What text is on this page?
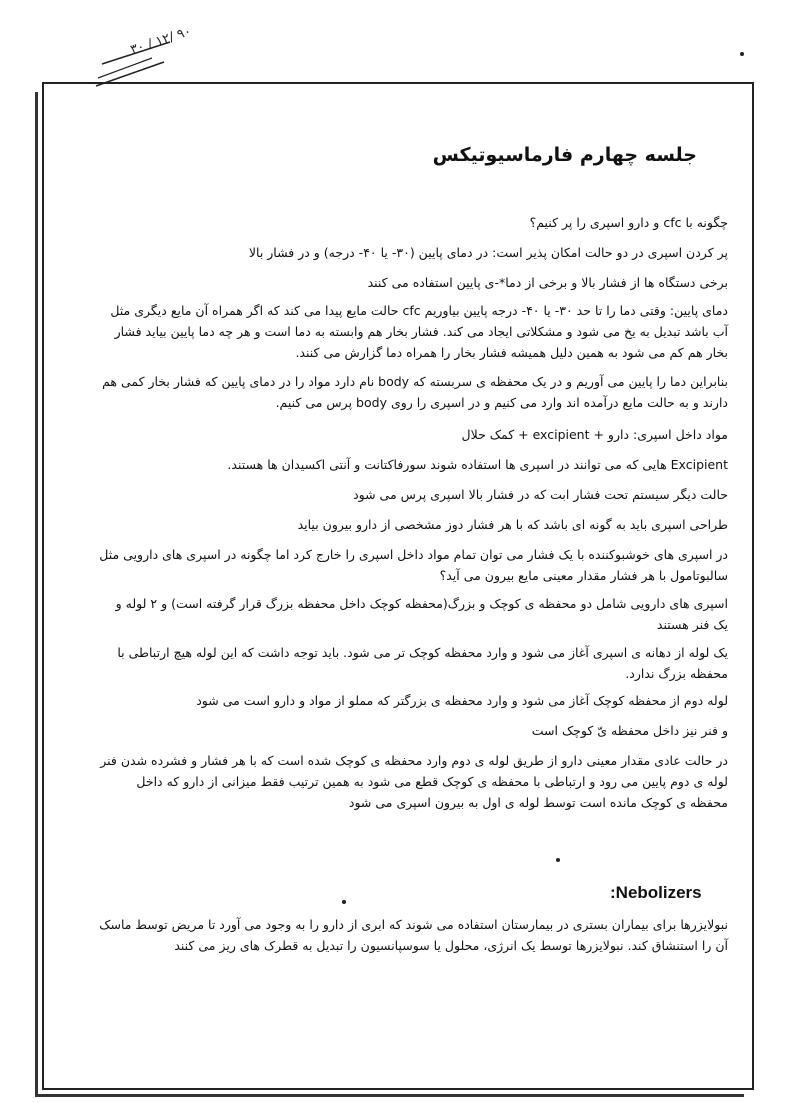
۳۰ / ۱۲/ ۹۰
جلسه چهارم فارماسیوتیکس

چگونه با cfc و دارو اسپری را پر کنیم؟

پر کردن اسپری در دو حالت امکان پذیر است: در دمای پایین (۳۰- یا ۴۰- درجه) و در فشار بالا

برخی دستگاه ها از فشار بالا و برخی از دما*-ی پایین استفاده می کنند

دمای پایین: وقتی دما را تا حد ۳۰- یا ۴۰- درجه پایین بیاوریم cfc حالت مایع پیدا می کند که اگر همراه آن مایع دیگری مثل آب باشد تبدیل به یخ می شود و مشکلاتی ایجاد می کند. فشار بخار هم وابسته به دما است و هر چه دما پایین بیاید فشار بخار هم کم می شود به همین دلیل همیشه فشار بخار را همراه دما گزارش می کنند.

بنابراین دما را پایین می آوریم و در یک محفظه ی سربسته که body نام دارد مواد را در دمای پایین که فشار بخار کمی هم دارند و به حالت مایع درآمده اند وارد می کنیم و در اسپری را روی body پرس می کنیم.

مواد داخل اسپری: دارو + excipient + کمک حلال

Excipient هایی که می توانند در اسپری ها استفاده شوند سورفاکتانت و آنتی اکسیدان ها هستند.

حالت دیگر سیستم تحت فشار ابت که در فشار بالا اسپری پرس می شود

طراحی اسپری باید به گونه ای باشد که با هر فشار دوز مشخصی از دارو بیرون بیاید

در اسپری های خوشبوکننده با یک فشار می توان تمام مواد داخل اسپری را خارج کرد اما چگونه در اسپری های دارویی مثل سالبوتامول با هر فشار مقدار معینی مایع بیرون می آید؟

اسپری های دارویی شامل دو محفظه ی کوچک و بزرگ(محفظه کوچک داخل محفظه بزرگ قرار گرفته است) و ۲ لوله و یک فنر هستند

یک لوله از دهانه ی اسپری آغاز می شود و وارد محفظه کوچک تر می شود. باید توجه داشت که این لوله هیچ ارتباطی با محفظه بزرگ ندارد.

لوله دوم از محفظه کوچک آغاز می شود و وارد محفظه ی بزرگتر که مملو از مواد و دارو است می شود

و فنر نیز داخل محفظه یّ کوچک است

در حالت عادی مقدار معینی دارو از طریق لوله ی دوم وارد محفظه ی کوچک شده است که با هر فشار و فشرده شدن فنر لوله ی دوم پایین می رود و ارتباطی با محفظه ی کوچک قطع می شود به همین ترتیب فقط میزانی از دارو که داخل محفظه ی کوچک مانده است توسط لوله ی اول به بیرون اسپری می شود

:Nebolizers

نبولایزرها برای بیماران بستری در بیمارستان استفاده می شوند که ابری از دارو را به وجود می آورد تا مریض توسط ماسک آن را استنشاق کند. نبولایزرها توسط یک انرژی، محلول یا سوسپانسیون را تبدیل به قطرک های ریز می کنند
